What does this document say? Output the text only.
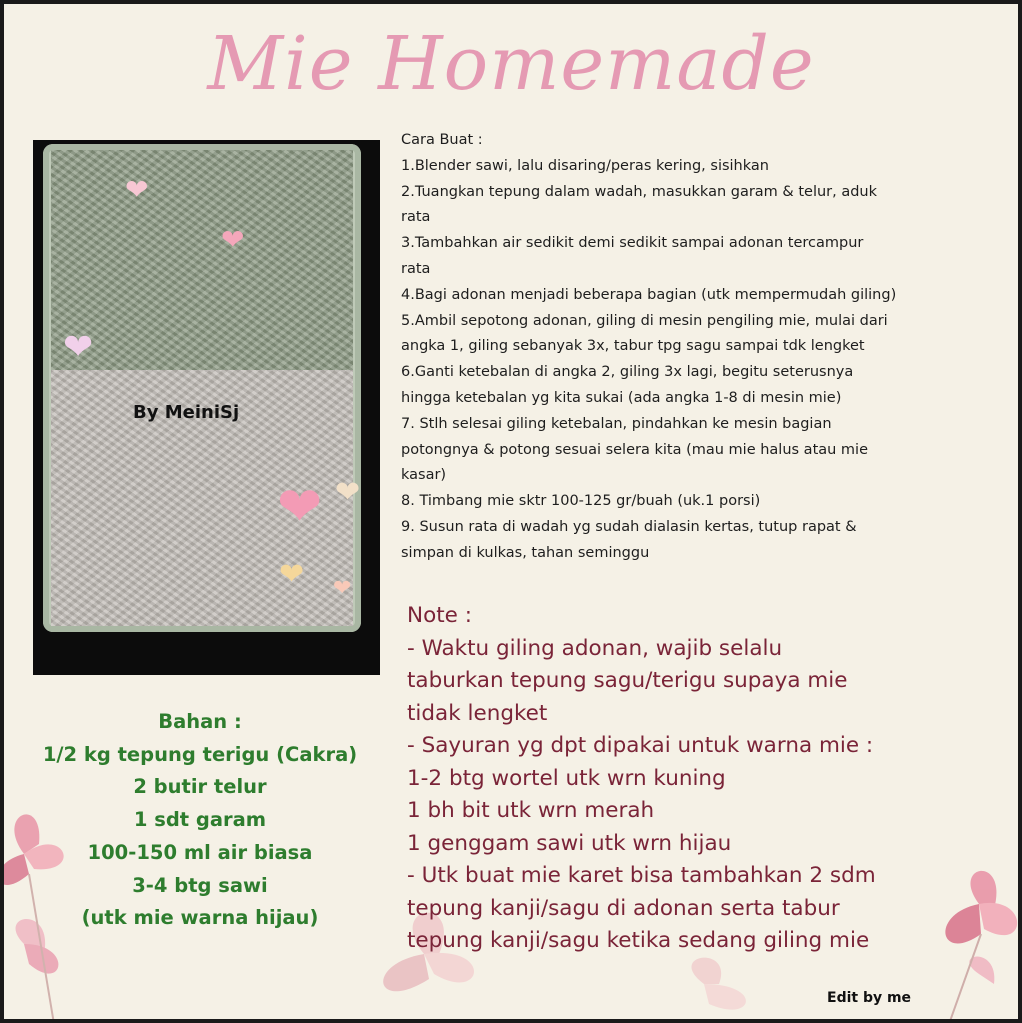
Mie Homemade
By MeiniSj
❤
❤
❤
❤ ❤
❤ ❤
Cara Buat :
1.Blender sawi, lalu disaring/peras kering, sisihkan
2.Tuangkan tepung dalam wadah, masukkan garam & telur, aduk
rata
3.Tambahkan air sedikit demi sedikit sampai adonan tercampur
rata
4.Bagi adonan menjadi beberapa bagian (utk mempermudah giling)
5.Ambil sepotong adonan, giling di mesin pengiling mie, mulai dari
angka 1, giling sebanyak 3x, tabur tpg sagu sampai tdk lengket
6.Ganti ketebalan di angka 2, giling 3x lagi, begitu seterusnya
hingga ketebalan yg kita sukai (ada angka 1-8 di mesin mie)
7. Stlh selesai giling ketebalan, pindahkan ke mesin bagian
potongnya & potong sesuai selera kita (mau mie halus atau mie
kasar)
8. Timbang mie sktr 100-125 gr/buah (uk.1 porsi)
9. Susun rata di wadah yg sudah dialasin kertas, tutup rapat &
simpan di kulkas, tahan seminggu
Bahan :
1/2 kg tepung terigu (Cakra)
2 butir telur
1 sdt garam
100-150 ml air biasa
3-4 btg sawi
(utk mie warna hijau)
Note :
- Waktu giling adonan, wajib selalu
taburkan tepung sagu/terigu supaya mie
tidak lengket
- Sayuran yg dpt dipakai untuk warna mie :
1-2 btg wortel utk wrn kuning
1 bh bit utk wrn merah
1 genggam sawi utk wrn hijau
- Utk buat mie karet bisa tambahkan 2 sdm
tepung kanji/sagu di adonan serta tabur
tepung kanji/sagu ketika sedang giling mie
Edit by me
